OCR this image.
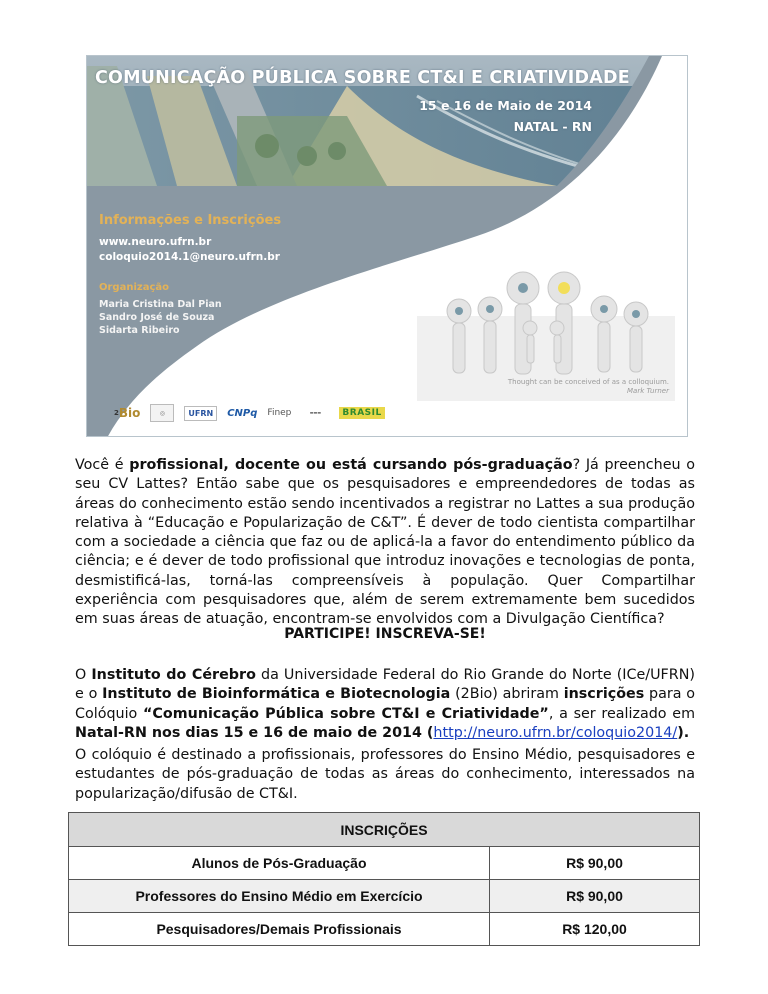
COMUNICAÇÃO PÚBLICA SOBRE CT&I E CRIATIVIDADE
15 e 16 de Maio de 2014
NATAL - RN
Informações e Inscrições
www.neuro.ufrn.br
coloquio2014.1@neuro.ufrn.br
Organização
Maria Cristina Dal Pian
Sandro José de Souza
Sidarta Ribeiro
Thought can be conceived of as a colloquium.
Mark Turner
2 Bio	◎	UFRN	CNPq Finep	▬▬▬	BRASIL

Você é profissional, docente ou está cursando pós-graduação? Já preencheu o seu CV Lattes? Então sabe que os pesquisadores e empreendedores de todas as áreas do conhecimento estão sendo incentivados a registrar no Lattes a sua produção relativa à “Educação e Popularização de C&T”. É dever de todo cientista compartilhar com a sociedade a ciência que faz ou de aplicá-la a favor do entendimento público da ciência; e é dever de todo profissional que introduz inovações e tecnologias de ponta, desmistificá-las, torná-las compreensíveis à população. Quer Compartilhar experiência com pesquisadores que, além de serem extremamente bem sucedidos em suas áreas de atuação, encontram-se envolvidos com a Divulgação Científica?

PARTICIPE! INSCREVA-SE!

O Instituto do Cérebro da Universidade Federal do Rio Grande do Norte (ICe/UFRN) e o Instituto de Bioinformática e Biotecnologia (2Bio) abriram inscrições para o Colóquio “Comunicação Pública sobre CT&I e Criatividade”, a ser realizado em Natal-RN nos dias 15 e 16 de maio de 2014 (http://neuro.ufrn.br/coloquio2014/).

O colóquio é destinado a profissionais, professores do Ensino Médio, pesquisadores e estudantes de pós-graduação de todas as áreas do conhecimento, interessados na popularização/difusão de CT&I.

INSCRIÇÕES	
Alunos de Pós-Graduação	R$ 90,00
Professores do Ensino Médio em Exercício	R$ 90,00
Pesquisadores/Demais Profissionais	R$ 120,00
